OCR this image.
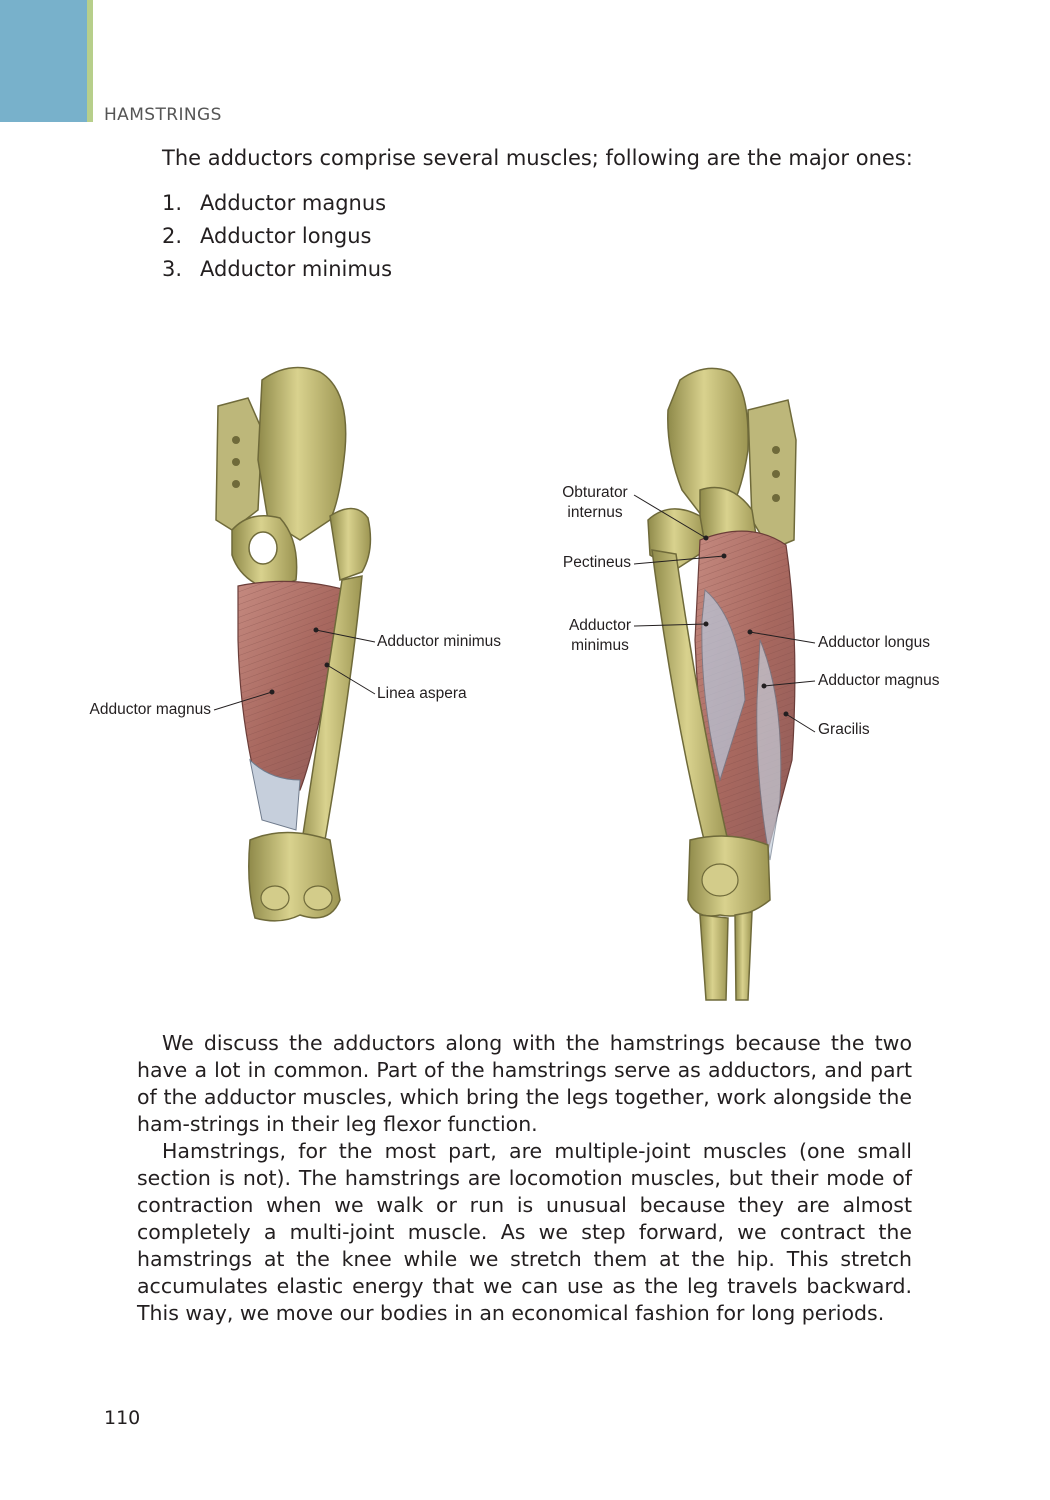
HAMSTRINGS

The adductors comprise several muscles; following are the major ones:

1. Adductor magnus
2. Adductor longus
3. Adductor minimus
Adductor minimus
Linea aspera
Adductor magnus
Obturator
internus
Pectineus
Adductor
minimus	Adductor longus
Adductor magnus
Gracilis

We discuss the adductors along with the hamstrings because the two have a lot in common. Part of the hamstrings serve as adductors, and part of the adductor muscles, which bring the legs together, work alongside the ham-strings in their leg flexor function.

Hamstrings, for the most part, are multiple-joint muscles (one small section is not). The hamstrings are locomotion muscles, but their mode of contraction when we walk or run is unusual because they are almost completely a multi-joint muscle. As we step forward, we contract the hamstrings at the knee while we stretch them at the hip. This stretch accumulates elastic energy that we can use as the leg travels backward. This way, we move our bodies in an economical fashion for long periods.

110
